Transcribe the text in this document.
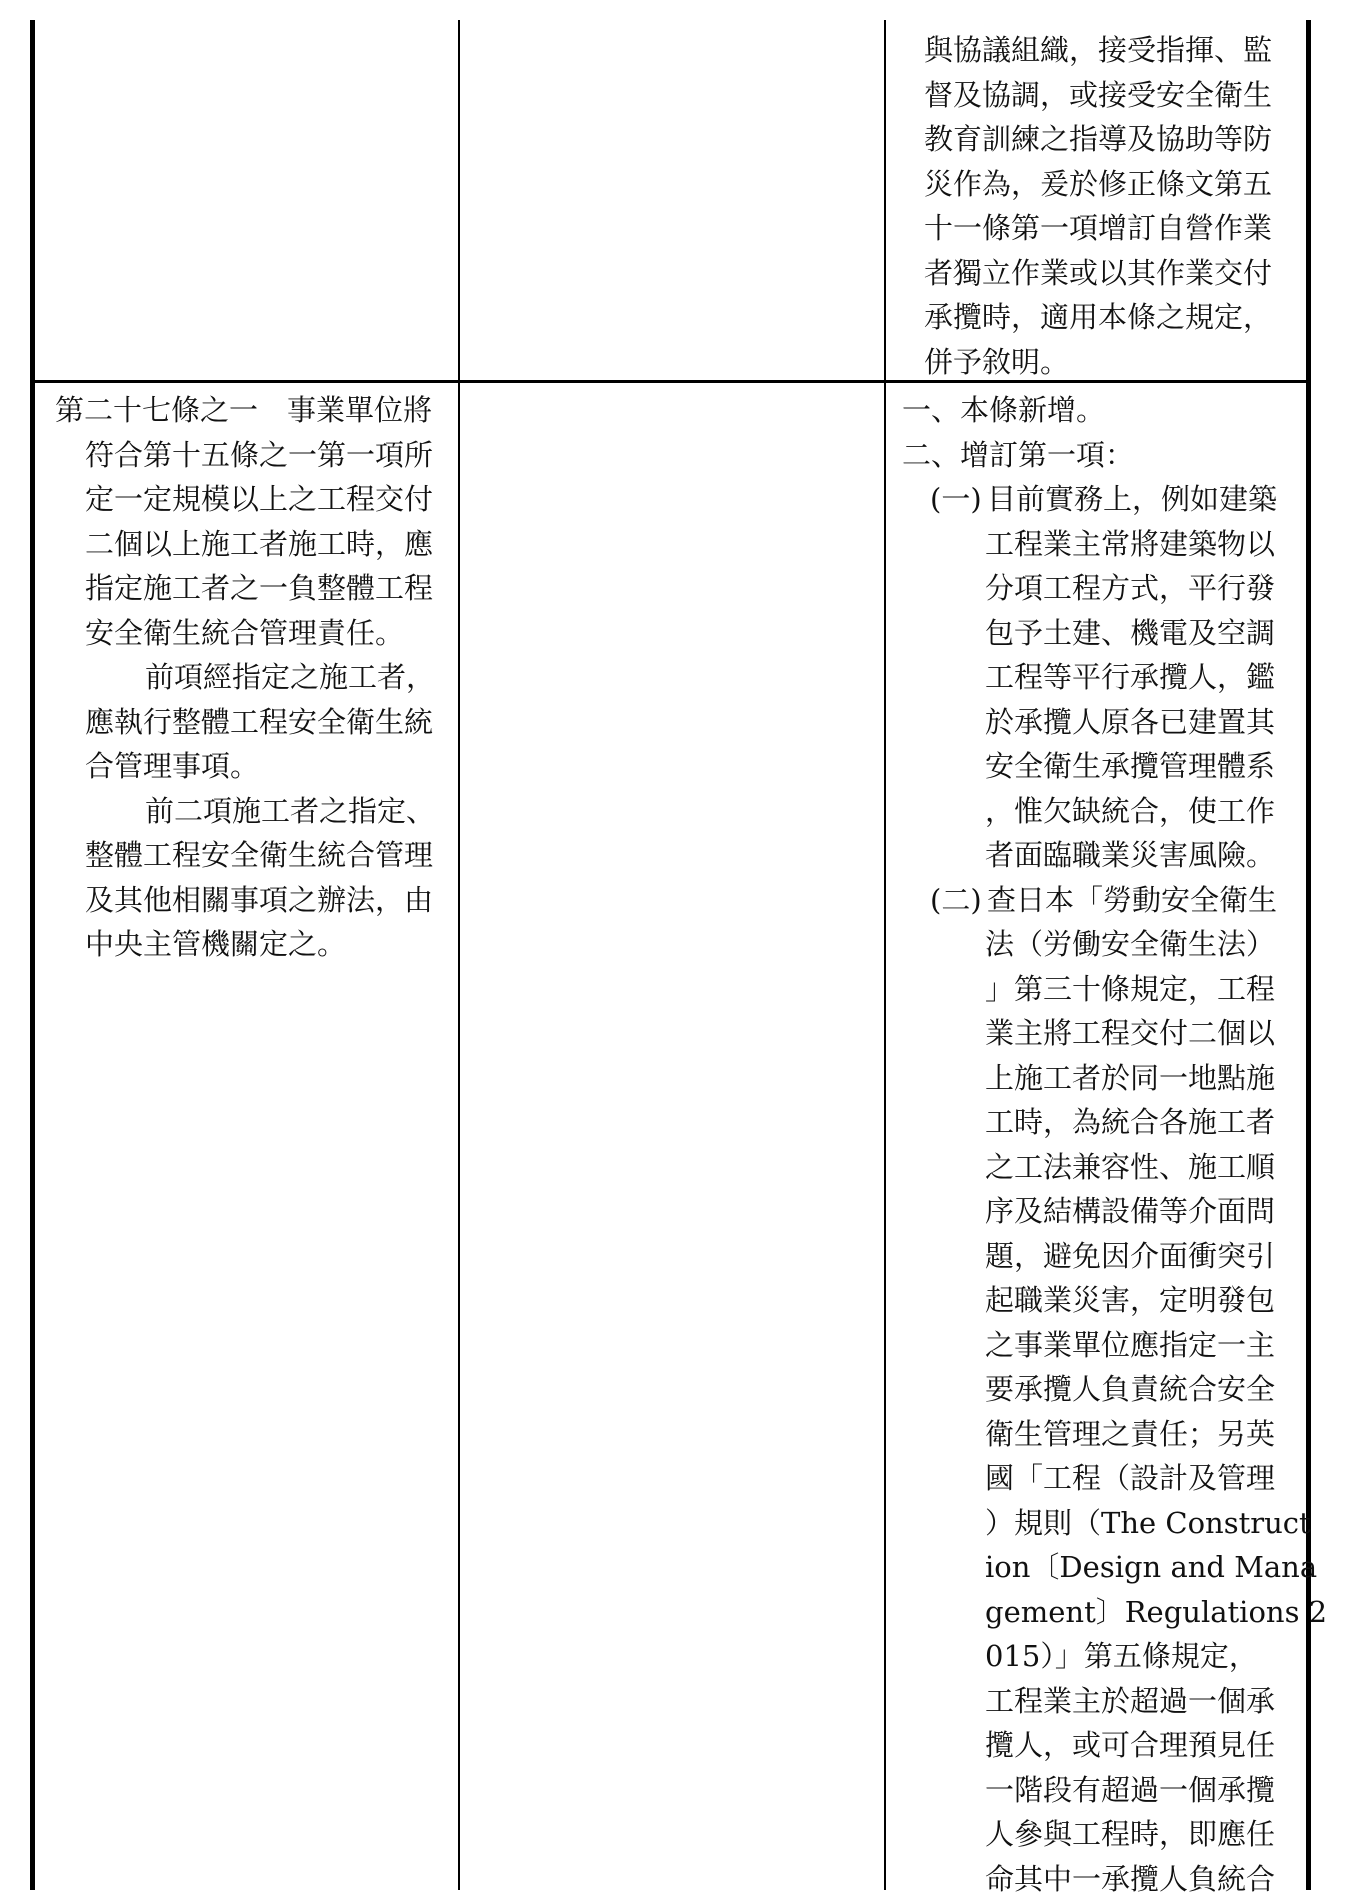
與協議組織，接受指揮、監
督及協調，或接受安全衛生
教育訓練之指導及協助等防
災作為，爰於修正條文第五
十一條第一項增訂自營作業
者獨立作業或以其作業交付
承攬時，適用本條之規定，
併予敘明。
第二十七條之一　事業單位將
符合第十五條之一第一項所
定一定規模以上之工程交付
二個以上施工者施工時，應
指定施工者之一負整體工程
安全衛生統合管理責任。
前項經指定之施工者，
應執行整體工程安全衛生統
合管理事項。
前二項施工者之指定、
整體工程安全衛生統合管理
及其他相關事項之辦法，由
中央主管機關定之。
一、本條新增。
二、增訂第一項：
(一) 目前實務上，例如建築
工程業主常將建築物以
分項工程方式，平行發
包予土建、機電及空調
工程等平行承攬人，鑑
於承攬人原各已建置其
安全衛生承攬管理體系
，惟欠缺統合，使工作
者面臨職業災害風險。
(二) 查日本「勞動安全衛生
法（労働安全衛生法）
」第三十條規定，工程
業主將工程交付二個以
上施工者於同一地點施
工時，為統合各施工者
之工法兼容性、施工順
序及結構設備等介面問
題，避免因介面衝突引
起職業災害，定明發包
之事業單位應指定一主
要承攬人負責統合安全
衛生管理之責任；另英
國「工程（設計及管理
）規則（The Construct
ion〔Design and Mana
gement〕Regulations 2
015）」第五條規定，
工程業主於超過一個承
攬人，或可合理預見任
一階段有超過一個承攬
人參與工程時，即應任
命其中一承攬人負統合
